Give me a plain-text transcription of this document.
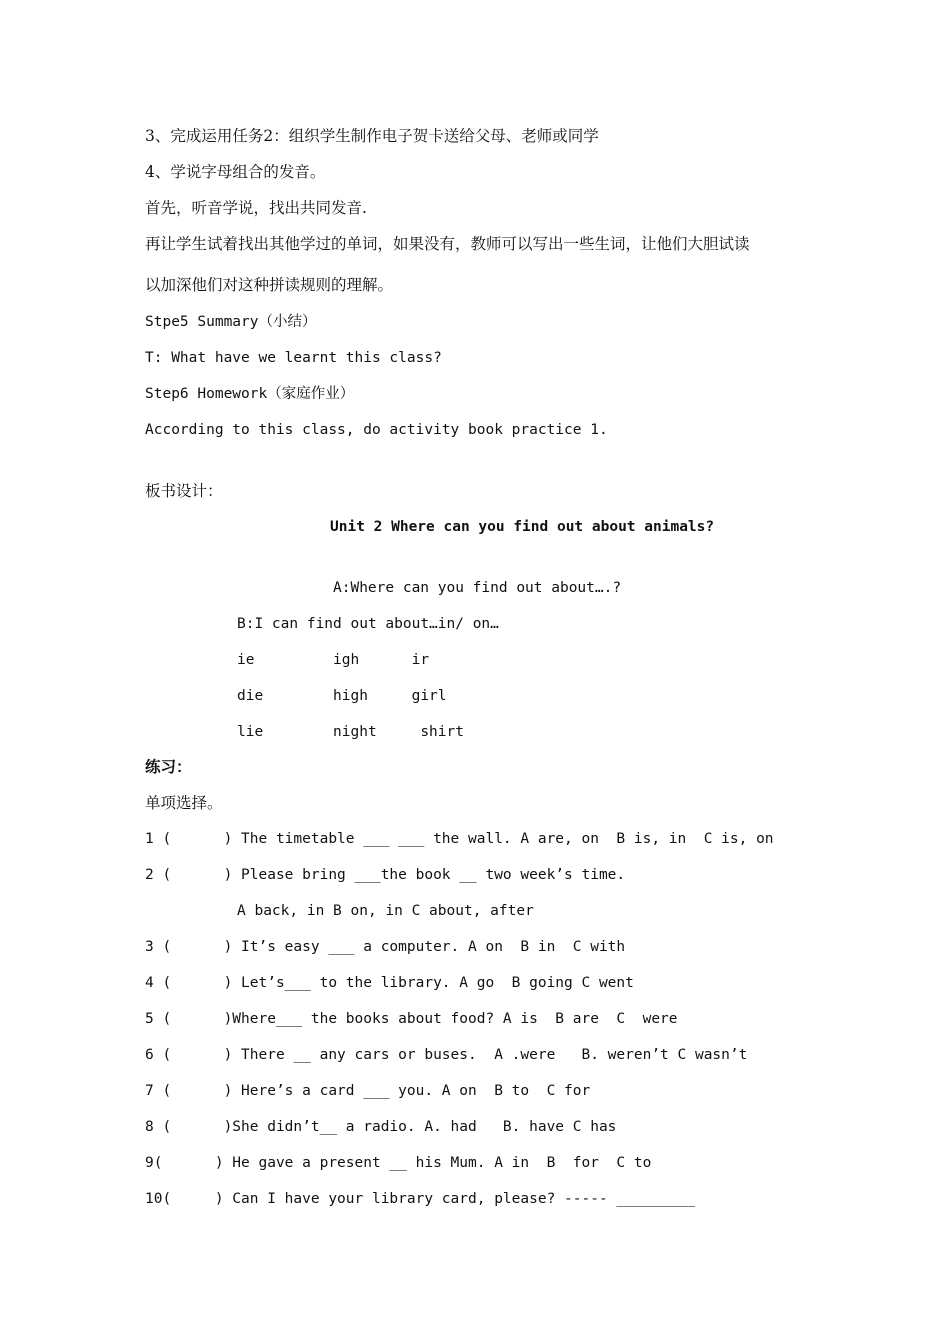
3、完成运用任务2：组织学生制作电子贺卡送给父母、老师或同学
4、学说字母组合的发音。
首先，听音学说，找出共同发音.
再让学生试着找出其他学过的单词，如果没有，教师可以写出一些生词，让他们大胆试读
以加深他们对这种拼读规则的理解。
Stpe5 Summary（小结）
T: What have we learnt this class?
Step6 Homework（家庭作业）
According to this class, do activity book practice 1.
板书设计：
Unit 2 Where can you find out about animals?
A:Where can you find out about….?
B:I can find out about…in/ on…
ie         igh      ir
die        high     girl
lie        night     shirt
练习：
单项选择。
1 (      ) The timetable ___ ___ the wall. A are, on  B is, in  C is, on
2 (      ) Please bring ___the book __ two week’s time.
A back, in B on, in C about, after
3 (      ) It’s easy ___ a computer. A on  B in  C with
4 (      ) Let’s___ to the library. A go  B going C went
5 (      )Where___ the books about food? A is  B are  C  were
6 (      ) There __ any cars or buses.  A .were   B. weren’t C wasn’t
7 (      ) Here’s a card ___ you. A on  B to  C for
8 (      )She didn’t__ a radio. A. had   B. have C has
9(      ) He gave a present __ his Mum. A in  B  for  C to
10(     ) Can I have your library card, please? ----- _________
